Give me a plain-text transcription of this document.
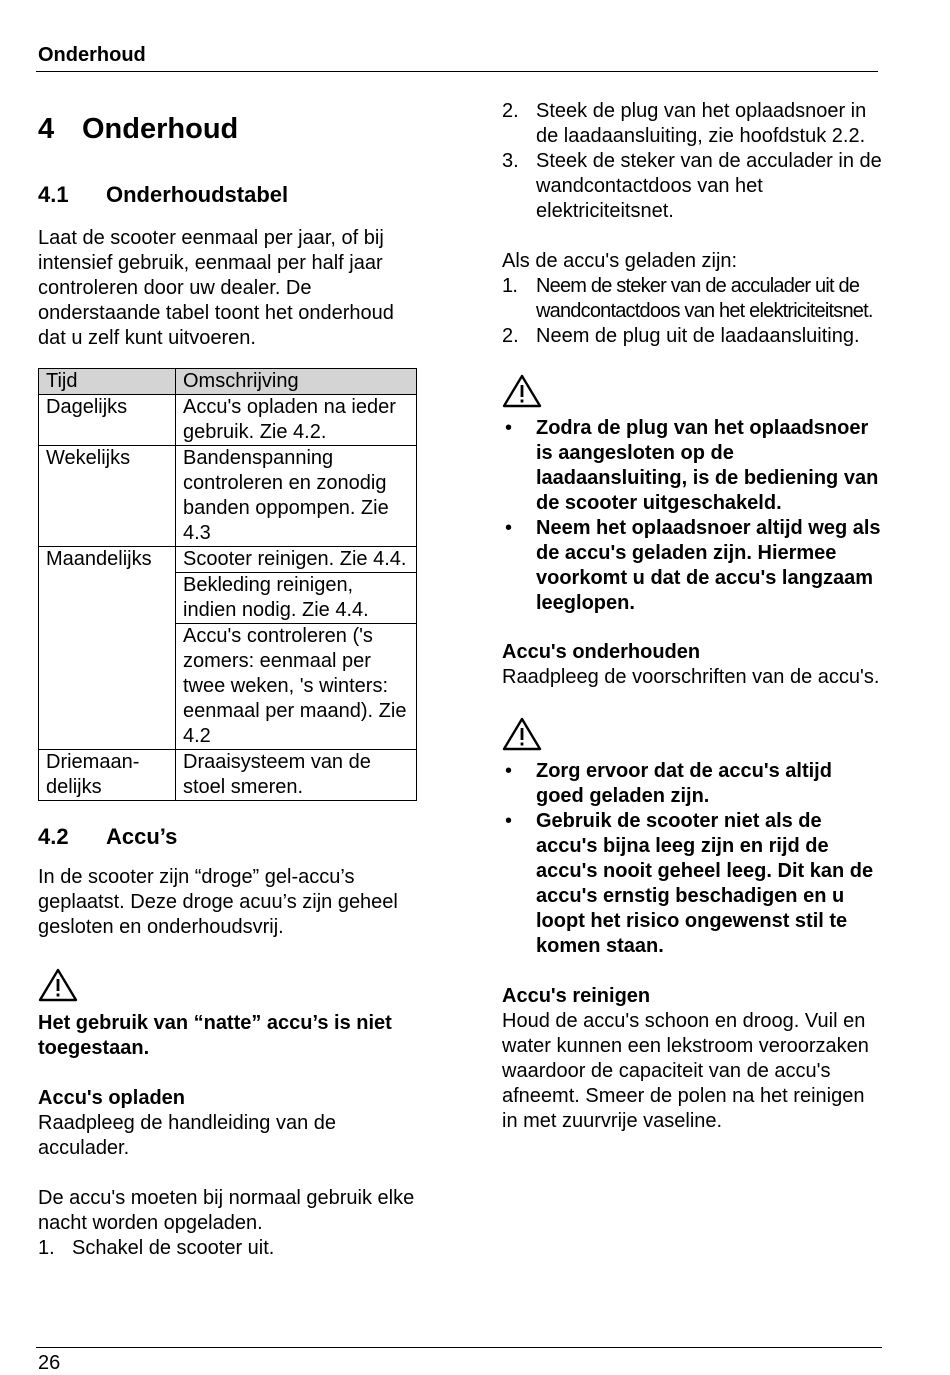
Onderhoud
4 Onderhoud
4.1 Onderhoudstabel

Laat de scooter eenmaal per jaar, of bij intensief gebruik, eenmaal per half jaar controleren door uw dealer. De onderstaande tabel toont het onderhoud dat u zelf kunt uitvoeren.

Tijd	Omschrijving
Dagelijks	Accu's opladen na ieder gebruik. Zie 4.2.
Wekelijks	Bandenspanning controleren en zonodig banden oppompen. Zie 4.3
Maandelijks	Scooter reinigen. Zie 4.4.
	Bekleding reinigen, indien nodig. Zie 4.4.
	Accu's controleren ('s zomers: eenmaal per twee weken, 's winters: eenmaal per maand). Zie 4.2
Driemaan-delijks	Draaisysteem van de stoel smeren.
4.2 Accu’s

In de scooter zijn “droge” gel-accu’s geplaatst. Deze droge acuu’s zijn geheel gesloten en onderhoudsvrij.

Het gebruik van “natte” accu’s is niet toegestaan.

Accu's opladen

Raadpleeg de handleiding van de acculader.

De accu's moeten bij normaal gebruik elke nacht worden opgeladen.

1. Schakel de scooter uit.
2. Steek de plug van het oplaadsnoer in de laadaansluiting, zie hoofdstuk 2.2.
3. Steek de steker van de acculader in de wandcontactdoos van het elektriciteitsnet.

Als de accu's geladen zijn:

1. Neem de steker van de acculader uit de wandcontactdoos van het elektriciteitsnet.
2. Neem de plug uit de laadaansluiting.
• Zodra de plug van het oplaadsnoer is aangesloten op de laadaansluiting, is de bediening van de scooter uitgeschakeld.
• Neem het oplaadsnoer altijd weg als de accu's geladen zijn. Hiermee voorkomt u dat de accu's langzaam leeglopen.

Accu's onderhouden

Raadpleeg de voorschriften van de accu's.

• Zorg ervoor dat de accu's altijd goed geladen zijn.
• Gebruik de scooter niet als de accu's bijna leeg zijn en rijd de accu's nooit geheel leeg. Dit kan de accu's ernstig beschadigen en u loopt het risico ongewenst stil te komen staan.

Accu's reinigen

Houd de accu's schoon en droog. Vuil en water kunnen een lekstroom veroorzaken waardoor de capaciteit van de accu's afneemt. Smeer de polen na het reinigen in met zuurvrije vaseline.

26
